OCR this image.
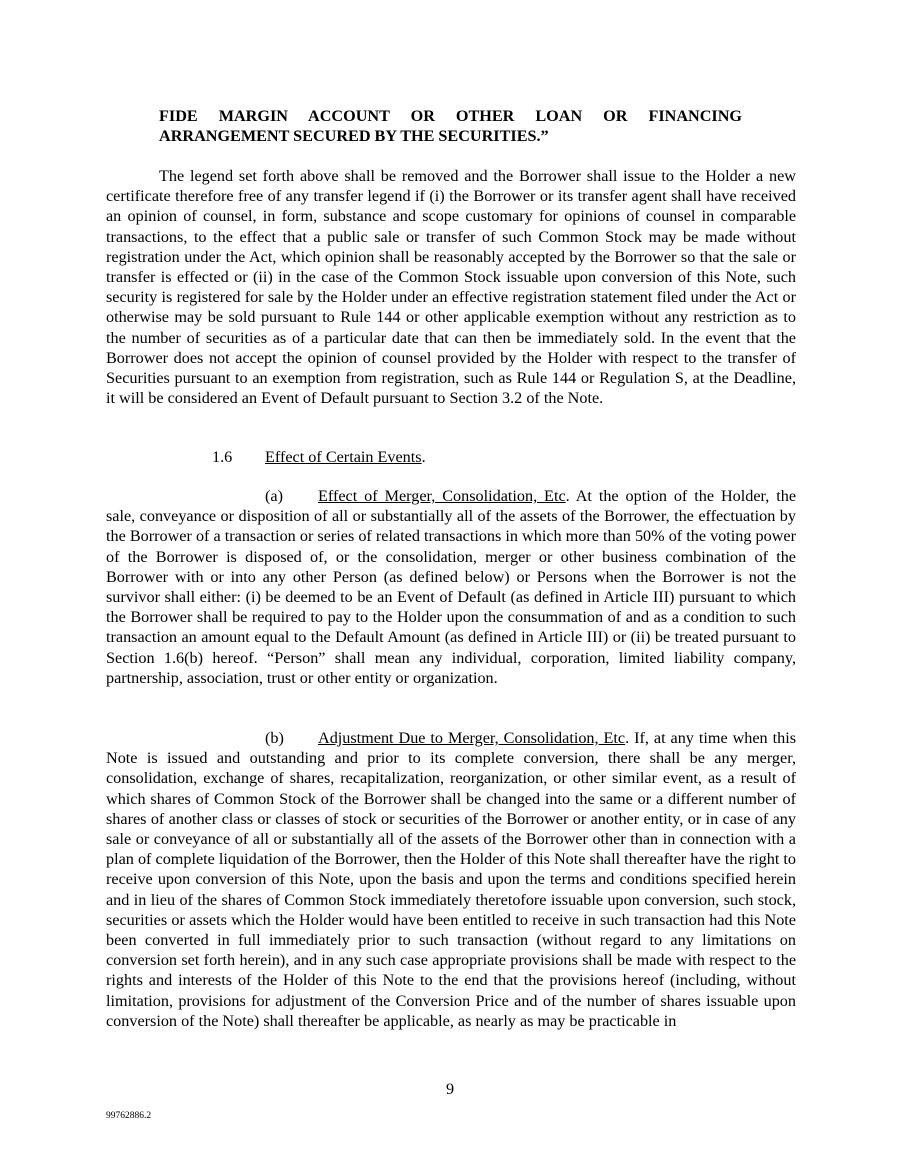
FIDE MARGIN ACCOUNT OR OTHER LOAN OR FINANCING
ARRANGEMENT SECURED BY THE SECURITIES.”
The legend set forth above shall be removed and the Borrower shall issue to the Holder a new certificate therefore free of any transfer legend if (i) the Borrower or its transfer agent shall have received an opinion of counsel, in form, substance and scope customary for opinions of counsel in comparable transactions, to the effect that a public sale or transfer of such Common Stock may be made without registration under the Act, which opinion shall be reasonably accepted by the Borrower so that the sale or transfer is effected or (ii) in the case of the Common Stock issuable upon conversion of this Note, such security is registered for sale by the Holder under an effective registration statement filed under the Act or otherwise may be sold pursuant to Rule 144 or other applicable exemption without any restriction as to the number of securities as of a particular date that can then be immediately sold. In the event that the Borrower does not accept the opinion of counsel provided by the Holder with respect to the transfer of Securities pursuant to an exemption from registration, such as Rule 144 or Regulation S, at the Deadline, it will be considered an Event of Default pursuant to Section 3.2 of the Note.
1.6 Effect of Certain Events.
(a) Effect of Merger, Consolidation, Etc. At the option of the Holder, the sale, conveyance or disposition of all or substantially all of the assets of the Borrower, the effectuation by the Borrower of a transaction or series of related transactions in which more than 50% of the voting power of the Borrower is disposed of, or the consolidation, merger or other business combination of the Borrower with or into any other Person (as defined below) or Persons when the Borrower is not the survivor shall either: (i) be deemed to be an Event of Default (as defined in Article III) pursuant to which the Borrower shall be required to pay to the Holder upon the consummation of and as a condition to such transaction an amount equal to the Default Amount (as defined in Article III) or (ii) be treated pursuant to Section 1.6(b) hereof. “Person” shall mean any individual, corporation, limited liability company, partnership, association, trust or other entity or organization.
(b) Adjustment Due to Merger, Consolidation, Etc. If, at any time when this Note is issued and outstanding and prior to its complete conversion, there shall be any merger, consolidation, exchange of shares, recapitalization, reorganization, or other similar event, as a result of which shares of Common Stock of the Borrower shall be changed into the same or a different number of shares of another class or classes of stock or securities of the Borrower or another entity, or in case of any sale or conveyance of all or substantially all of the assets of the Borrower other than in connection with a plan of complete liquidation of the Borrower, then the Holder of this Note shall thereafter have the right to receive upon conversion of this Note, upon the basis and upon the terms and conditions specified herein and in lieu of the shares of Common Stock immediately theretofore issuable upon conversion, such stock, securities or assets which the Holder would have been entitled to receive in such transaction had this Note been converted in full immediately prior to such transaction (without regard to any limitations on conversion set forth herein), and in any such case appropriate provisions shall be made with respect to the rights and interests of the Holder of this Note to the end that the provisions hereof (including, without limitation, provisions for adjustment of the Conversion Price and of the number of shares issuable upon conversion of the Note) shall thereafter be applicable, as nearly as may be practicable in
9
99762886.2
